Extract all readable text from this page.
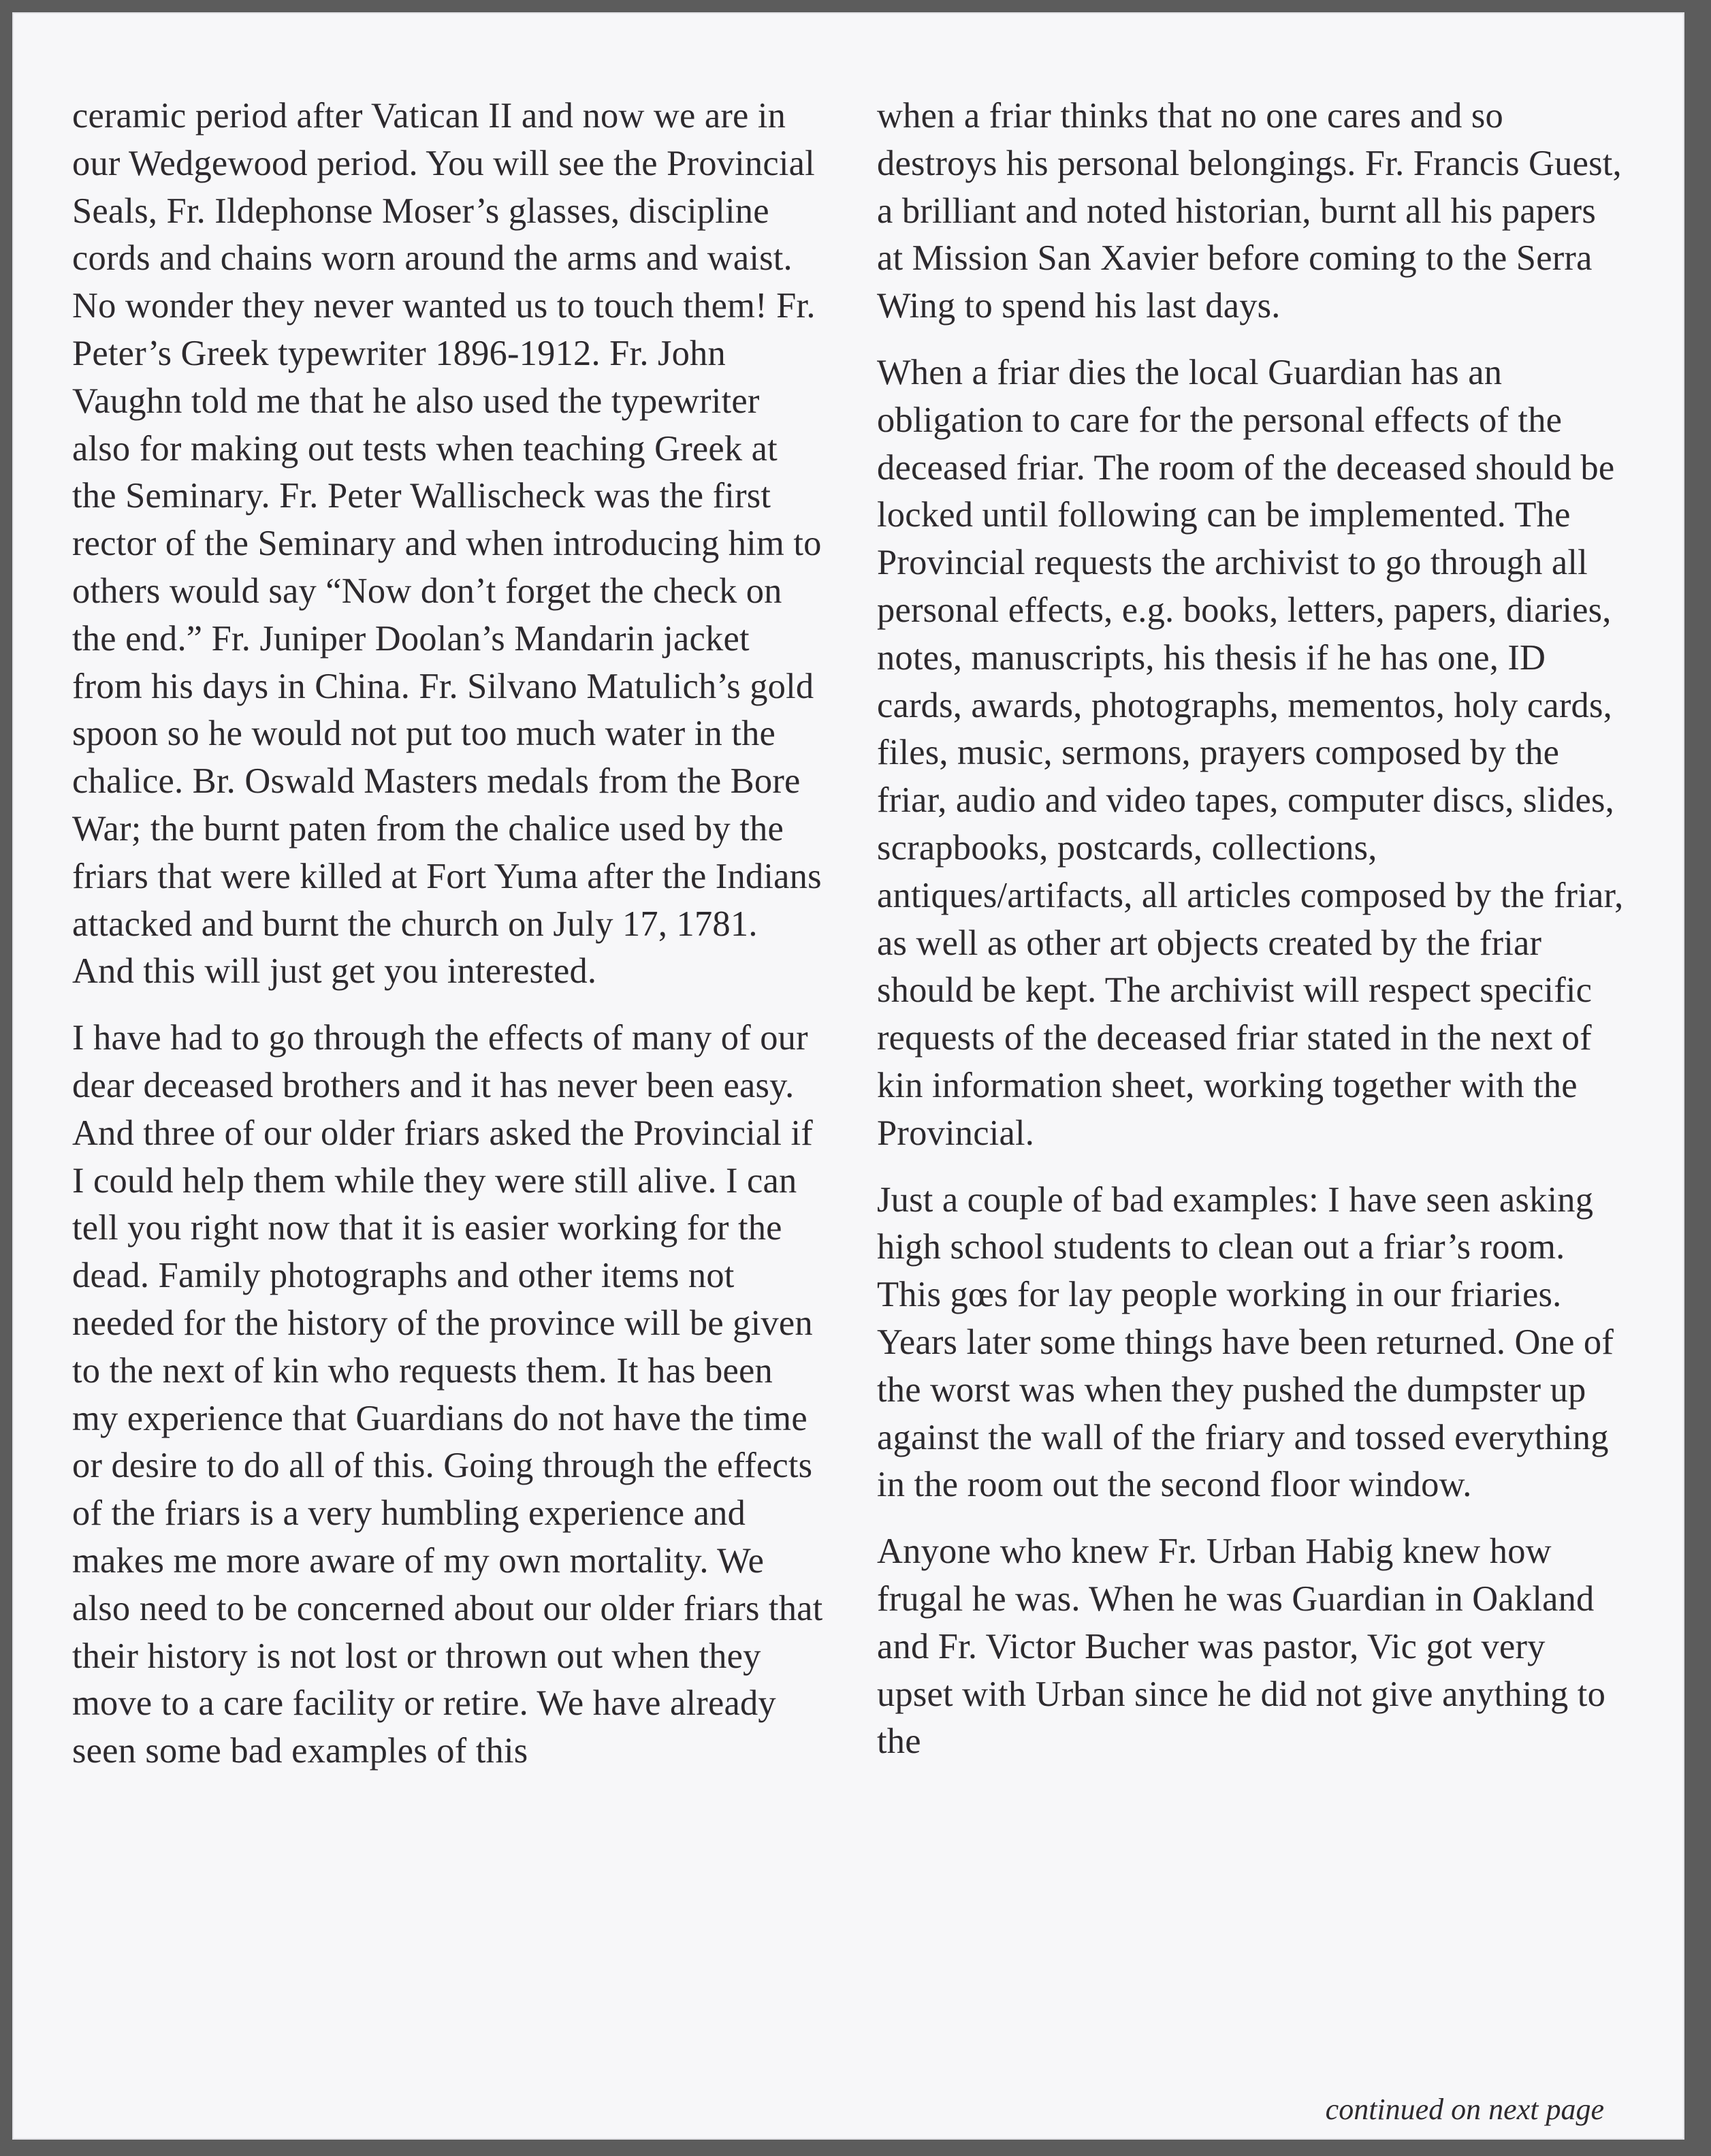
ceramic period after Vatican II and now we are in our Wedgewood period. You will see the Provincial Seals, Fr. Ildephonse Moser’s glasses, discipline cords and chains worn around the arms and waist. No wonder they never wanted us to touch them! Fr. Peter’s Greek typewriter 1896-1912. Fr. John Vaughn told me that he also used the typewriter also for making out tests when teaching Greek at the Seminary. Fr. Peter Wallischeck was the first rector of the Seminary and when introducing him to others would say “Now don’t forget the check on the end.” Fr. Juniper Doolan’s Mandarin jacket from his days in China. Fr. Silvano Matulich’s gold spoon so he would not put too much water in the chalice. Br. Oswald Masters medals from the Bore War; the burnt paten from the chalice used by the friars that were killed at Fort Yuma after the Indians attacked and burnt the church on July 17, 1781. And this will just get you interested.

I have had to go through the effects of many of our dear deceased brothers and it has never been easy. And three of our older friars asked the Provincial if I could help them while they were still alive. I can tell you right now that it is easier working for the dead. Family photographs and other items not needed for the history of the province will be given to the next of kin who requests them. It has been my experience that Guardians do not have the time or desire to do all of this. Going through the effects of the friars is a very humbling experience and makes me more aware of my own mortality. We also need to be concerned about our older friars that their history is not lost or thrown out when they move to a care facility or retire. We have already seen some bad examples of this

when a friar thinks that no one cares and so destroys his personal belongings. Fr. Francis Guest, a brilliant and noted historian, burnt all his papers at Mission San Xavier before coming to the Serra Wing to spend his last days.

When a friar dies the local Guardian has an obligation to care for the personal effects of the deceased friar. The room of the deceased should be locked until following can be implemented. The Provincial requests the archivist to go through all personal effects, e.g. books, letters, papers, diaries, notes, manuscripts, his thesis if he has one, ID cards, awards, photographs, mementos, holy cards, files, music, sermons, prayers composed by the friar, audio and video tapes, computer discs, slides, scrapbooks, postcards, collections, antiques/artifacts, all articles composed by the friar, as well as other art objects created by the friar should be kept. The archivist will respect specific requests of the deceased friar stated in the next of kin information sheet, working together with the Provincial.

Just a couple of bad examples: I have seen asking high school students to clean out a friar’s room. This gœs for lay people working in our friaries. Years later some things have been returned. One of the worst was when they pushed the dumpster up against the wall of the friary and tossed everything in the room out the second floor window.

Anyone who knew Fr. Urban Habig knew how frugal he was. When he was Guardian in Oakland and Fr. Victor Bucher was pastor, Vic got very upset with Urban since he did not give anything to the

continued on next page
